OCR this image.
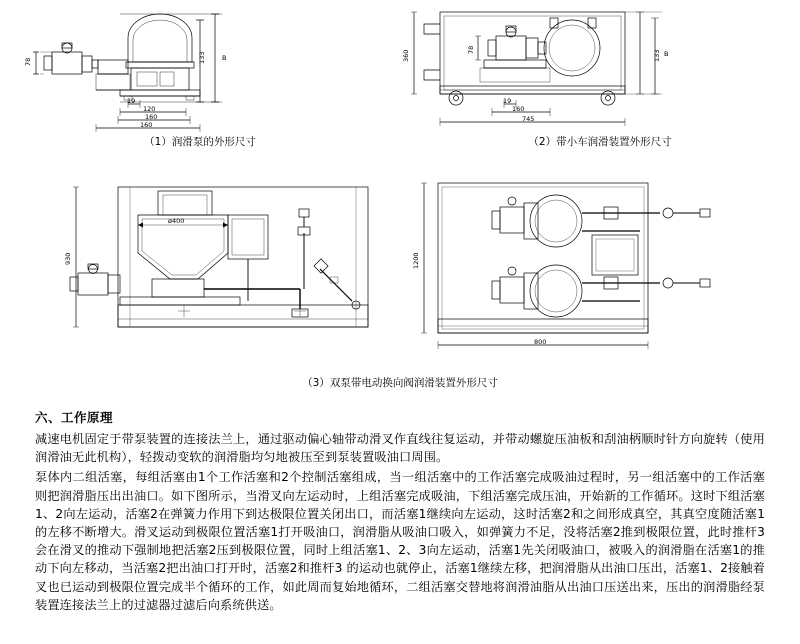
B
133
78
19
120
160
160
（1）润滑泵的外形尺寸
360	78	B
133
745
19
160
（2）带小车润滑装置外形尺寸
930
ø400
1200
800
（3）双泵带电动换向阀润滑装置外形尺寸
六、工作原理

减速电机固定于带泵装置的连接法兰上，通过驱动偏心轴带动滑叉作直线往复运动，并带动螺旋压油板和刮油柄顺时针方向旋转（使用润滑油无此机构），轻拨动变软的润滑脂均匀地被压至到泵装置吸油口周围。

泵体内二组活塞，每组活塞由1个工作活塞和2个控制活塞组成，当一组活塞中的工作活塞完成吸油过程时，另一组活塞中的工作活塞则把润滑脂压出出油口。如下图所示，当滑叉向左运动时，上组活塞完成吸油，下组活塞完成压油，开始新的工作循环。这时下组活塞1、2向左运动，活塞2在弹簧力作用下到达极限位置关闭出口，而活塞1继续向左运动，这时活塞2和之间形成真空，其真空度随活塞1的左移不断增大。滑叉运动到极限位置活塞1打开吸油口，润滑脂从吸油口吸入，如弹簧力不足，没将活塞2推到极限位置，此时推杆3会在滑叉的推动下强制地把活塞2压到极限位置，同时上组活塞1、2、3向左运动，活塞1先关闭吸油口，被吸入的润滑脂在活塞1的推动下向左移动，当活塞2把出油口打开时，活塞2和推杆3 的运动也就停止，活塞1继续左移，把润滑脂从出油口压出，活塞1、2接触着叉也已运动到极限位置完成半个循环的工作，如此周而复始地循环，二组活塞交替地将润滑油脂从出油口压送出来，压出的润滑脂经泵装置连接法兰上的过滤器过滤后向系统供送。
